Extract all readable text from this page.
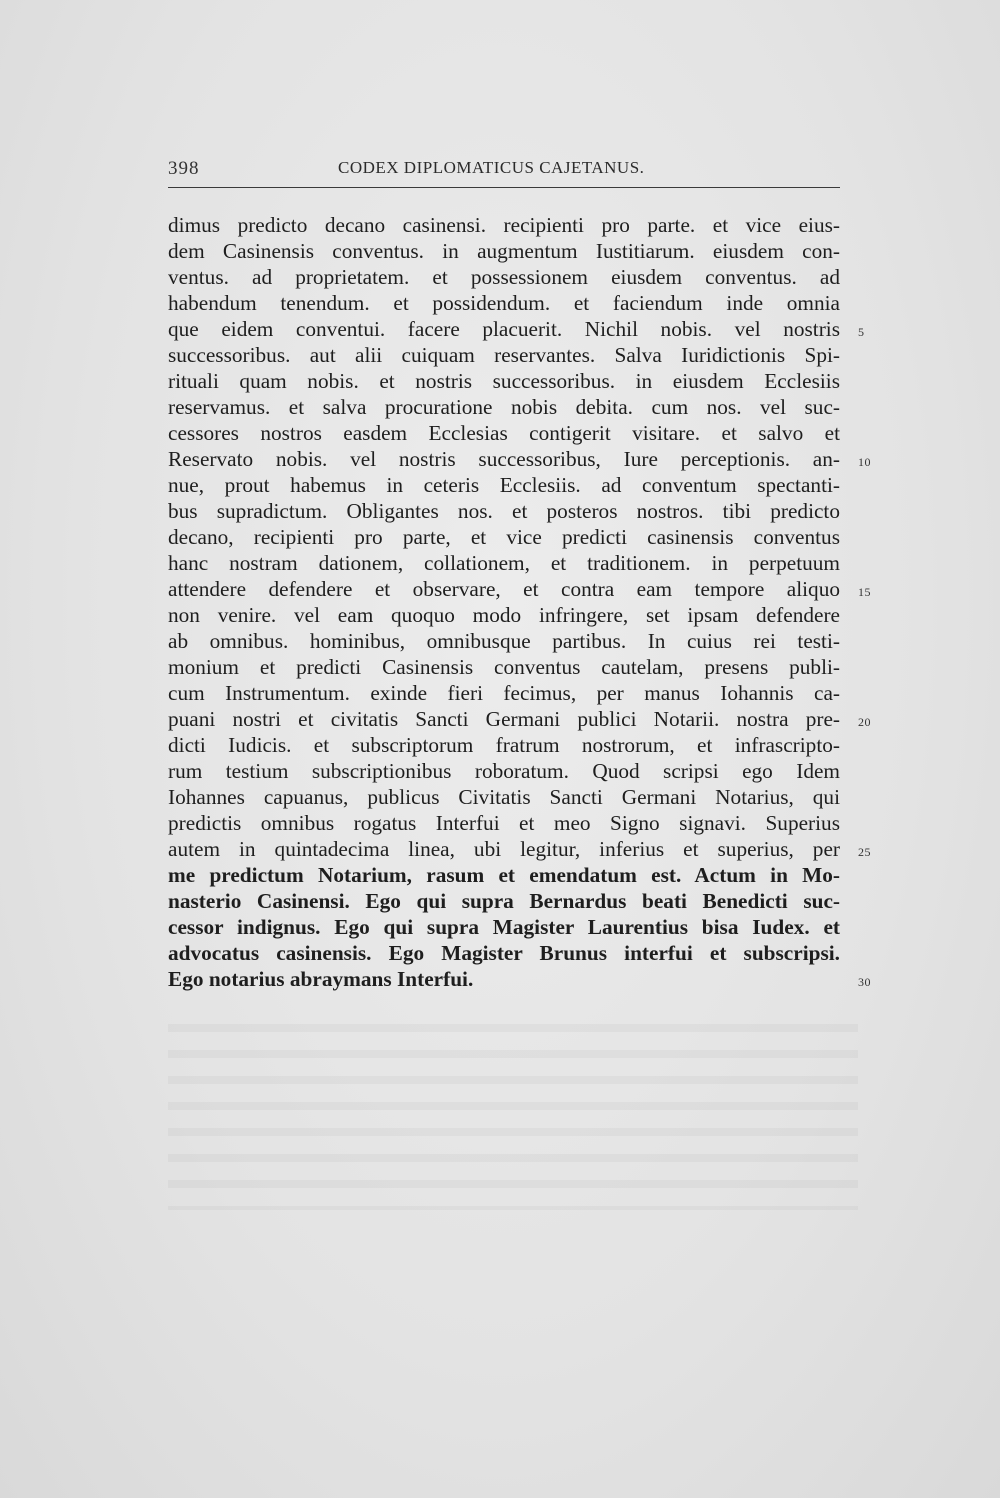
398	CODEX DIPLOMATICUS CAJETANUS.
dimus predicto decano casinensi. recipienti pro parte. et vice eius-
dem Casinensis conventus. in augmentum Iustitiarum. eiusdem con-
ventus. ad proprietatem. et possessionem eiusdem conventus. ad
habendum tenendum. et possidendum. et faciendum inde omnia
que eidem conventui. facere placuerit. Nichil nobis. vel nostris
successoribus. aut alii cuiquam reservantes. Salva Iuridictionis Spi-
rituali quam nobis. et nostris successoribus. in eiusdem Ecclesiis
reservamus. et salva procuratione nobis debita. cum nos. vel suc-
cessores nostros easdem Ecclesias contigerit visitare. et salvo et
Reservato nobis. vel nostris successoribus, Iure perceptionis. an-
nue, prout habemus in ceteris Ecclesiis. ad conventum spectanti-
bus supradictum. Obligantes nos. et posteros nostros. tibi predicto
decano, recipienti pro parte, et vice predicti casinensis conventus
hanc nostram dationem, collationem, et traditionem. in perpetuum
attendere defendere et observare, et contra eam tempore aliquo
non venire. vel eam quoquo modo infringere, set ipsam defendere
ab omnibus. hominibus, omnibusque partibus. In cuius rei testi-
monium et predicti Casinensis conventus cautelam, presens publi-
cum Instrumentum. exinde fieri fecimus, per manus Iohannis ca-
puani nostri et civitatis Sancti Germani publici Notarii. nostra pre-
dicti Iudicis. et subscriptorum fratrum nostrorum, et infrascripto-
rum testium subscriptionibus roboratum. Quod scripsi ego Idem
Iohannes capuanus, publicus Civitatis Sancti Germani Notarius, qui
predictis omnibus rogatus Interfui et meo Signo signavi. Superius
autem in quintadecima linea, ubi legitur, inferius et superius, per
me predictum Notarium, rasum et emendatum est. Actum in Mo-
nasterio Casinensi. Ego qui supra Bernardus beati Benedicti suc-
cessor indignus. Ego qui supra Magister Laurentius bisa Iudex. et
advocatus casinensis. Ego Magister Brunus interfui et subscripsi.
Ego notarius abraymans Interfui.
5
10
15
20
25
30
